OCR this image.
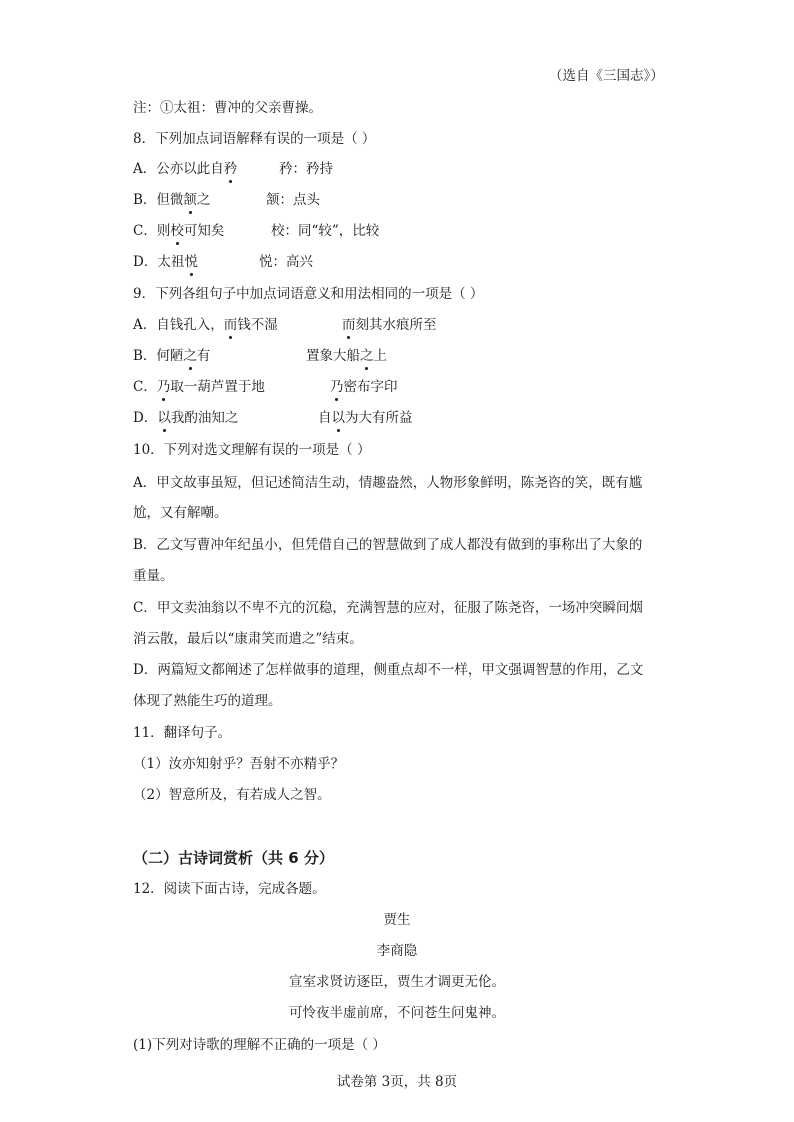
（选自《三国志》）
注：①太祖：曹冲的父亲曹操。
8．下列加点词语解释有误的一项是（ ）
A．公亦以此自矜	矜：矜持
B．但微颔之	颔：点头
C．则校可知矣	校：同“较”，比较
D．太祖悦	悦：高兴
9．下列各组句子中加点词语意义和用法相同的一项是（ ）
A．自钱孔入，而钱不湿	而刻其水痕所至
B．何陋之有	置象大船之上
C．乃取一葫芦置于地	乃密布字印
D．以我酌油知之	自以为大有所益
10．下列对选文理解有误的一项是（ ）
A．甲文故事虽短，但记述简洁生动，情趣盎然，人物形象鲜明，陈尧咨的笑，既有尴
尬，又有解嘲。
B．乙文写曹冲年纪虽小，但凭借自己的智慧做到了成人都没有做到的事称出了大象的
重量。
C．甲文卖油翁以不卑不亢的沉稳，充满智慧的应对，征服了陈尧咨，一场冲突瞬间烟
消云散，最后以“康肃笑而遣之”结束。
D．两篇短文都阐述了怎样做事的道理，侧重点却不一样，甲文强调智慧的作用，乙文
体现了熟能生巧的道理。
11．翻译句子。
（1）汝亦知射乎？吾射不亦精乎？
（2）智意所及，有若成人之智。
（二）古诗词赏析（共 6 分）
12．阅读下面古诗，完成各题。
贾生
李商隐
宣室求贤访逐臣，贾生才调更无伦。
可怜夜半虚前席，不问苍生问鬼神。
(1)下列对诗歌的理解不正确的一项是（ ）
试卷第 3页，共 8页
